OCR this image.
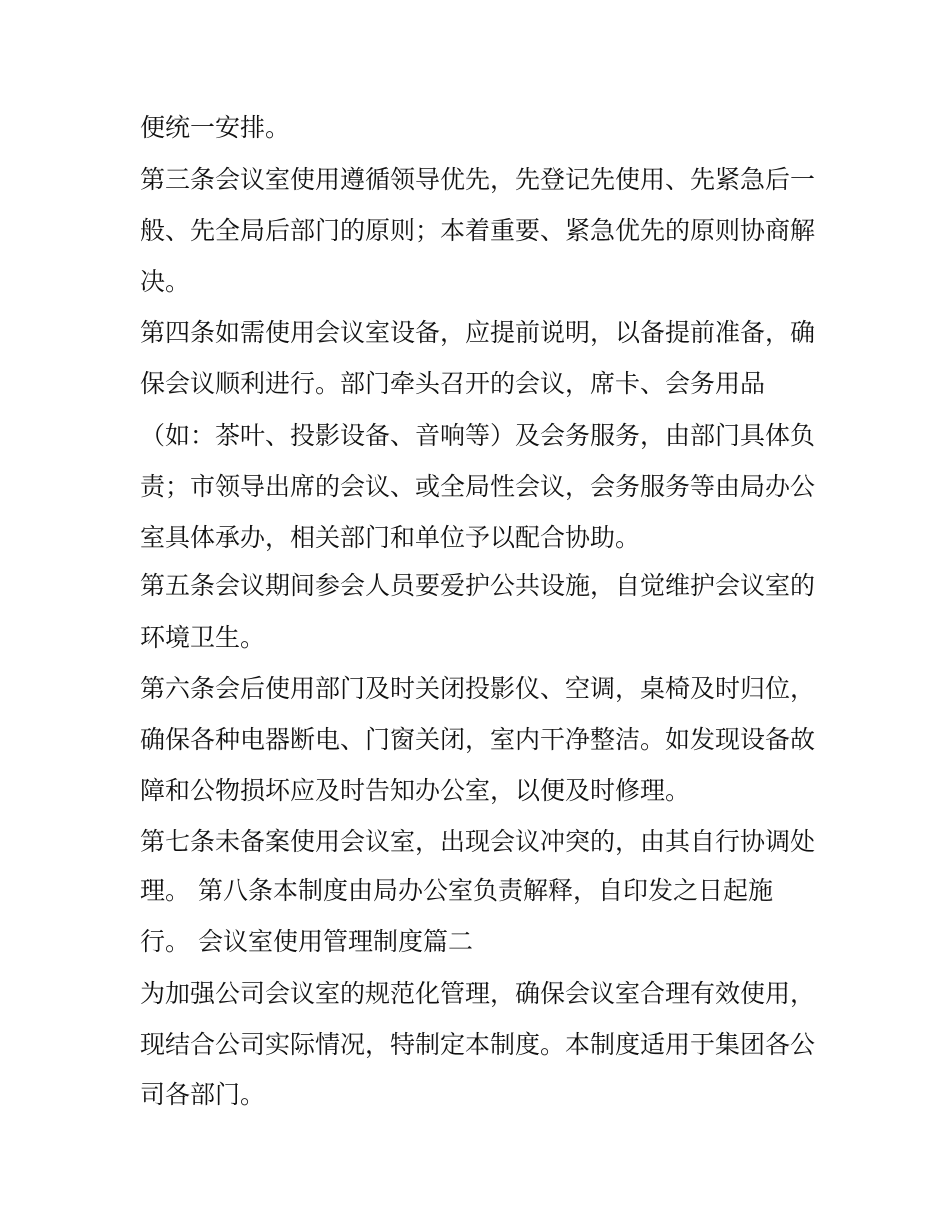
便统一安排。
第三条会议室使用遵循领导优先，先登记先使用、先紧急后一
般、先全局后部门的原则；本着重要、紧急优先的原则协商解
决。
第四条如需使用会议室设备，应提前说明，以备提前准备，确
保会议顺利进行。部门牵头召开的会议，席卡、会务用品
（如：茶叶、投影设备、音响等）及会务服务，由部门具体负
责；市领导出席的会议、或全局性会议，会务服务等由局办公
室具体承办，相关部门和单位予以配合协助。
第五条会议期间参会人员要爱护公共设施，自觉维护会议室的
环境卫生。
第六条会后使用部门及时关闭投影仪、空调，桌椅及时归位，
确保各种电器断电、门窗关闭，室内干净整洁。如发现设备故
障和公物损坏应及时告知办公室，以便及时修理。
第七条未备案使用会议室，出现会议冲突的，由其自行协调处
理。 第八条本制度由局办公室负责解释，自印发之日起施
行。 会议室使用管理制度篇二
为加强公司会议室的规范化管理，确保会议室合理有效使用，
现结合公司实际情况，特制定本制度。本制度适用于集团各公
司各部门。
